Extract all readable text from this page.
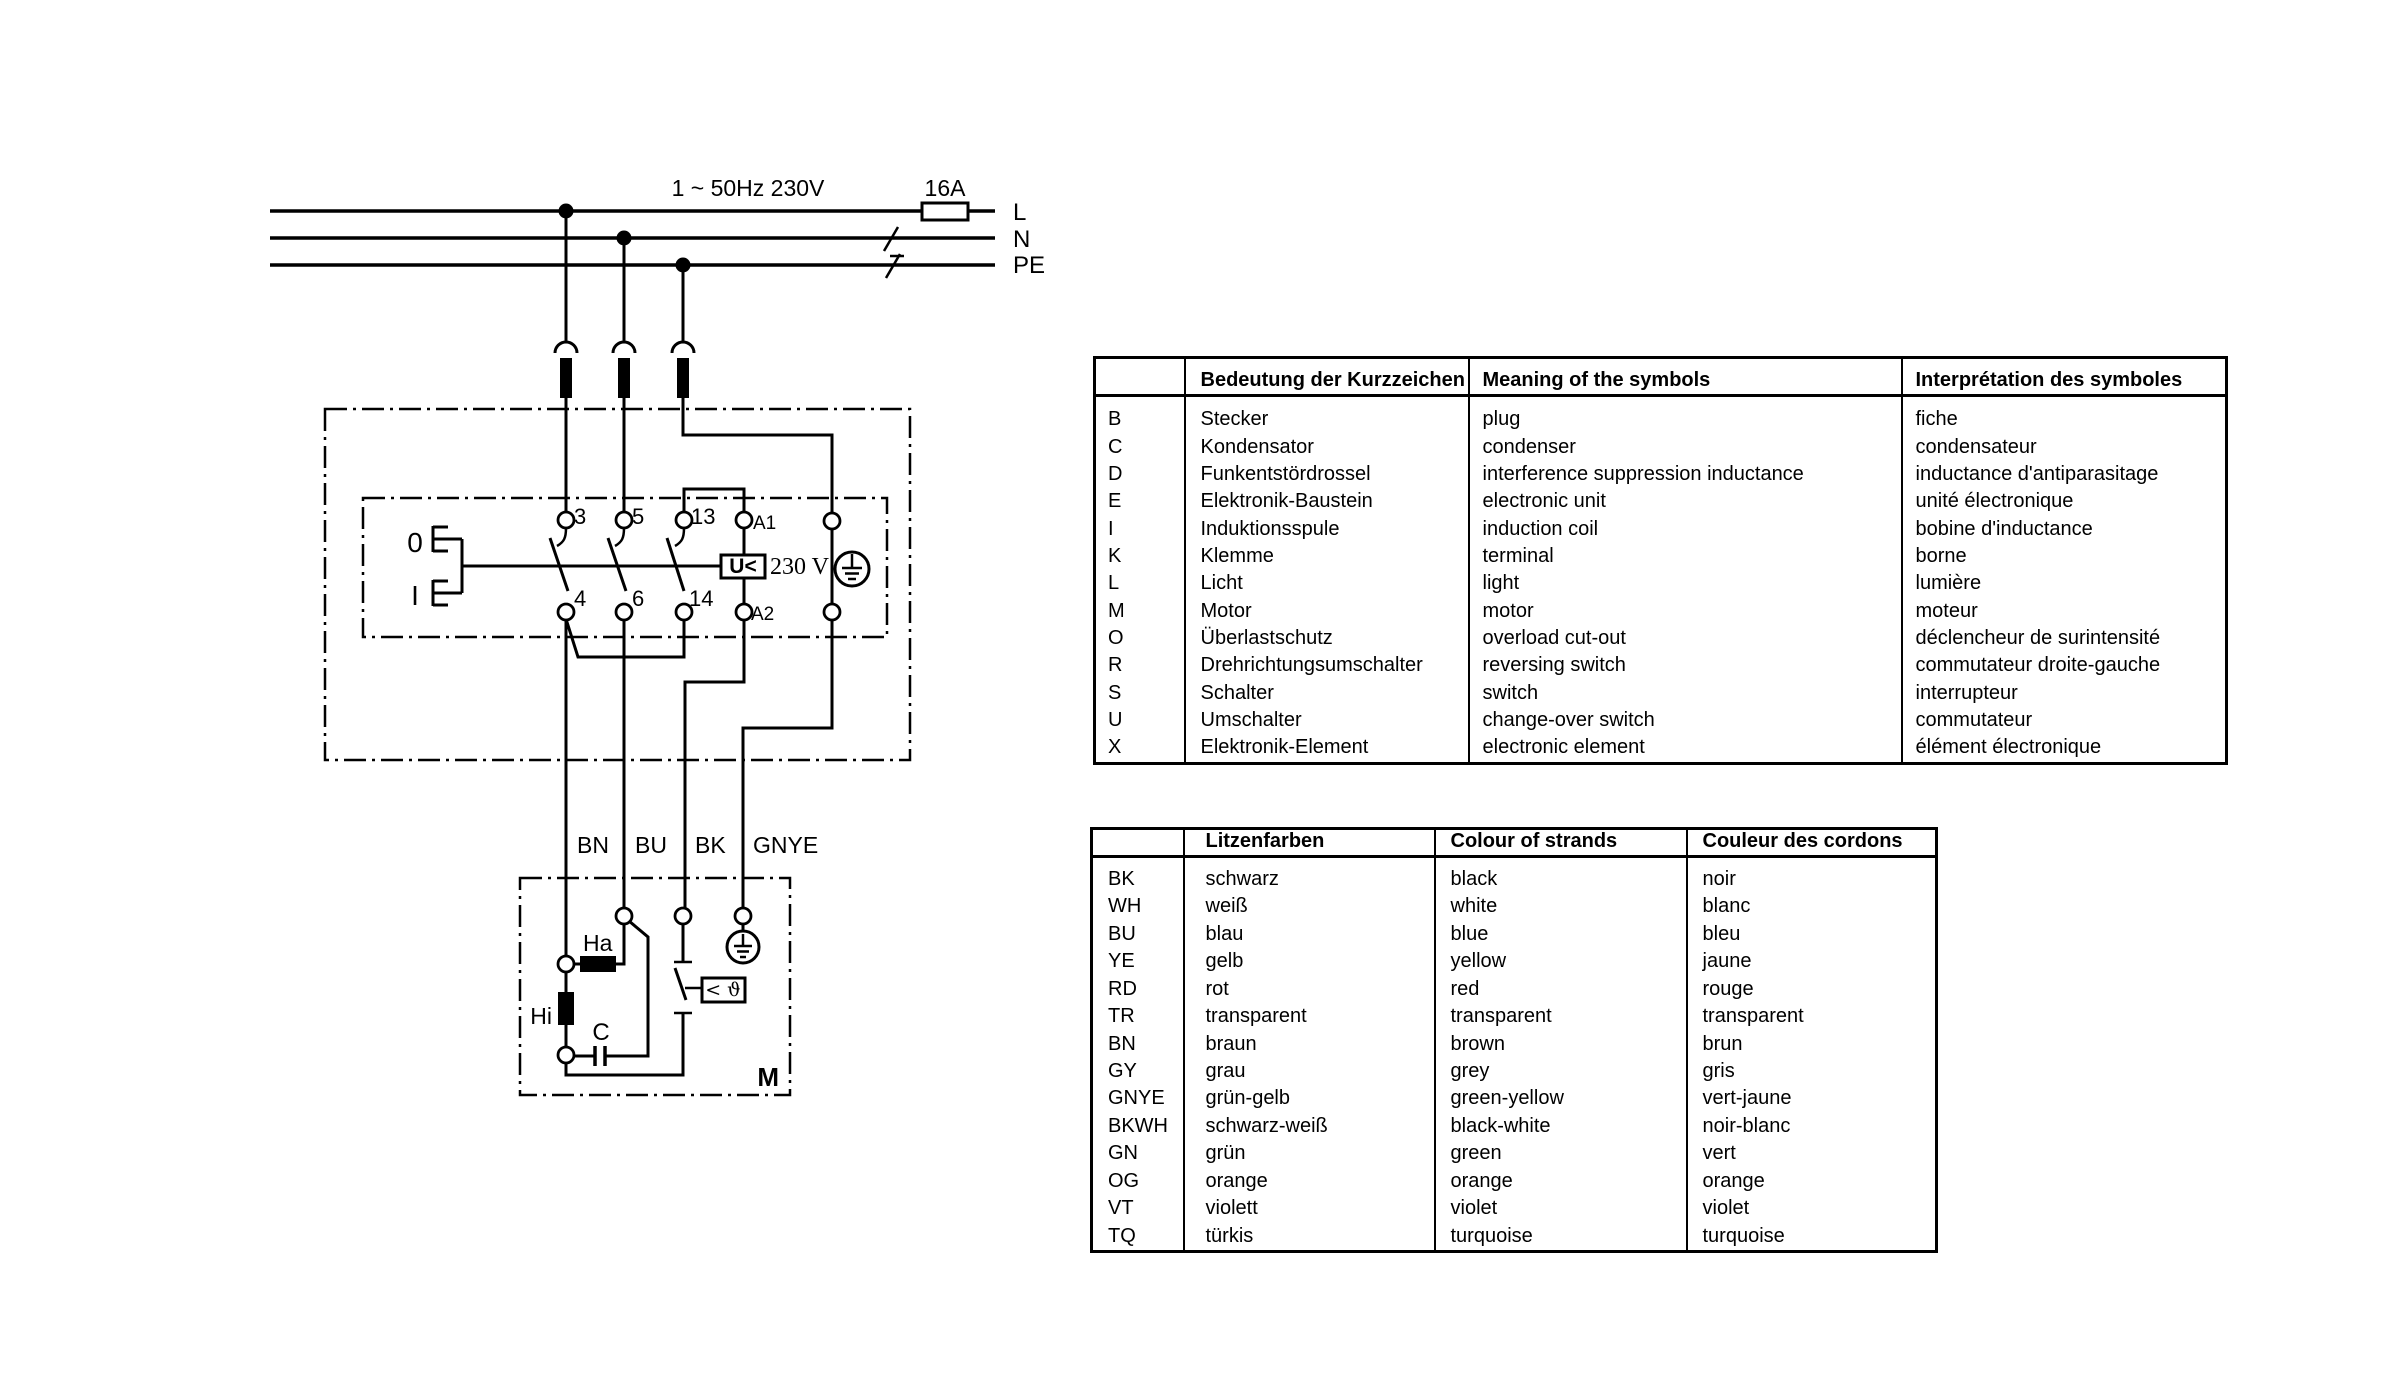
L
N
PE
1 ~ 50Hz 230V	16A
0
I
3 5 13
4 6 14
A1
A2
U< 230 V
BN BU BK GNYE
< ϑ
Ha
Hi
C
M
	Bedeutung der Kurzzeichen	Meaning of the symbols	Interprétation des symboles
B	Stecker	plug	fiche
C	Kondensator	condenser	condensateur
D	Funkentstördrossel	interference suppression inductance	inductance d'antiparasitage
E	Elektronik-Baustein	electronic unit	unité électronique
I	Induktionsspule	induction coil	bobine d'inductance
K	Klemme	terminal	borne
L	Licht	light	lumière
M	Motor	motor	moteur
O	Überlastschutz	overload cut-out	déclencheur de surintensité
R	Drehrichtungsumschalter	reversing switch	commutateur droite-gauche
S	Schalter	switch	interrupteur
U	Umschalter	change-over switch	commutateur
X	Elektronik-Element	electronic element	élément électronique
	Litzenfarben	Colour of strands	Couleur des cordons
BK	schwarz	black	noir
WH	weiß	white	blanc
BU	blau	blue	bleu
YE	gelb	yellow	jaune
RD	rot	red	rouge
TR	transparent	transparent	transparent
BN	braun	brown	brun
GY	grau	grey	gris
GNYE	grün-gelb	green-yellow	vert-jaune
BKWH	schwarz-weiß	black-white	noir-blanc
GN	grün	green	vert
OG	orange	orange	orange
VT	violett	violet	violet
TQ	türkis	turquoise	turquoise
